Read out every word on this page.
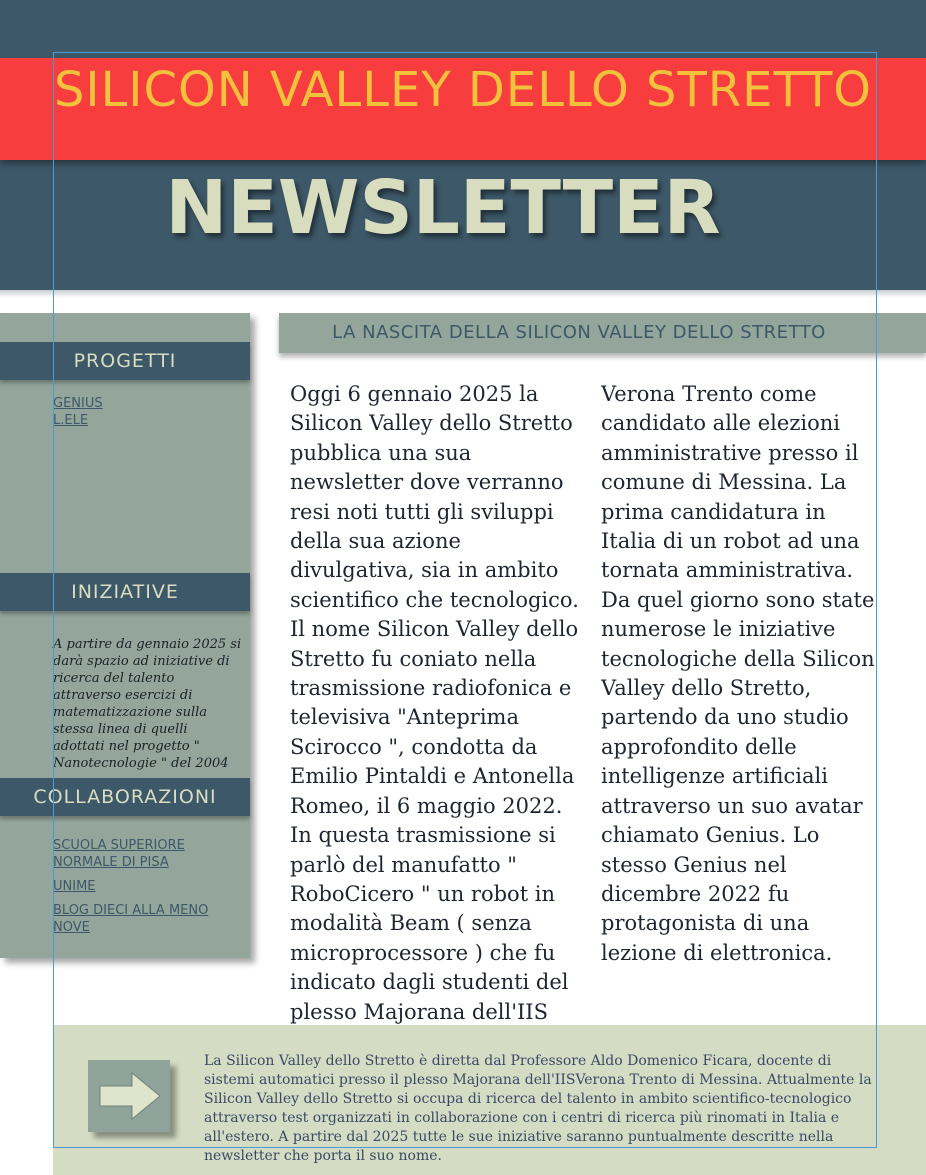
SILICON VALLEY DELLO STRETTO
NEWSLETTER
PROGETTI
INIZIATIVE
COLLABORAZIONI
GENIUS
L.ELE
A partire da gennaio 2025 si darà spazio ad iniziative di ricerca del talento attraverso esercizi di matematizzazione sulla stessa linea di quelli adottati nel progetto " Nanotecnologie " del 2004
SCUOLA SUPERIORE NORMALE DI PISA
UNIME
BLOG DIECI ALLA MENO NOVE
LA NASCITA DELLA SILICON VALLEY DELLO STRETTO
Oggi 6 gennaio 2025 la Silicon Valley dello Stretto pubblica una sua newsletter dove verranno resi noti tutti gli sviluppi della sua azione divulgativa, sia in ambito scientifico che tecnologico. Il nome Silicon Valley dello Stretto fu coniato nella trasmissione radiofonica e televisiva "Anteprima Scirocco ", condotta da Emilio Pintaldi e Antonella Romeo, il 6 maggio 2022. In questa trasmissione si parlò del manufatto " RoboCicero " un robot in modalità Beam ( senza microprocessore ) che fu indicato dagli studenti del plesso Majorana dell'IIS
Verona Trento come candidato alle elezioni amministrative presso il comune di Messina. La prima candidatura in Italia di un robot ad una tornata amministrativa. Da quel giorno sono state numerose le iniziative tecnologiche della Silicon Valley dello Stretto, partendo da uno studio approfondito delle intelligenze artificiali attraverso un suo avatar chiamato Genius. Lo stesso Genius nel dicembre 2022 fu protagonista di una lezione di elettronica.
La Silicon Valley dello Stretto è diretta dal Professore Aldo Domenico Ficara, docente di sistemi automatici presso il plesso Majorana dell'IISVerona Trento di Messina. Attualmente la Silicon Valley dello Stretto si occupa di ricerca del talento in ambito scientifico-tecnologico attraverso test organizzati in collaborazione con i centri di ricerca più rinomati in Italia e all'estero. A partire dal 2025 tutte le sue iniziative saranno puntualmente descritte nella newsletter che porta il suo nome.
